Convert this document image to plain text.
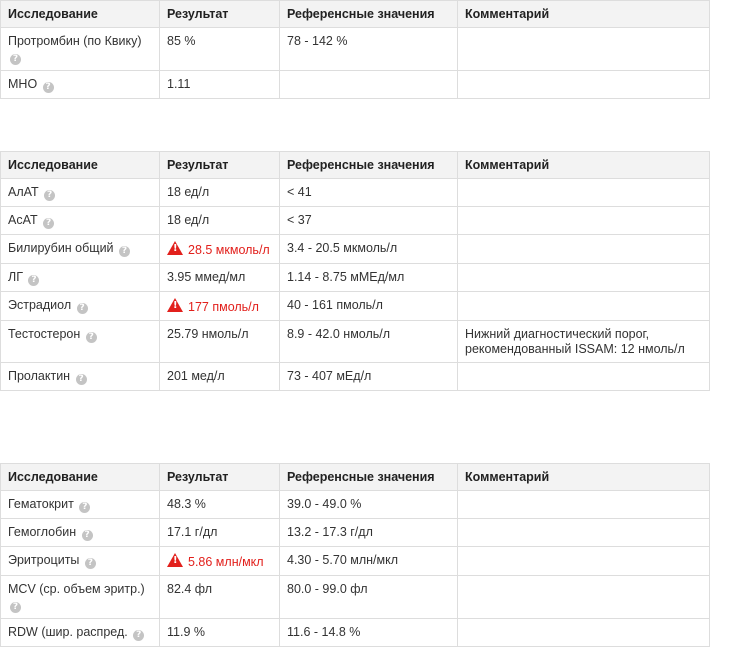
Исследование	Результат	Референсные значения	Комментарий
Протромбин (по Квику) ?	85 %	78 - 142 %	
МНО ?	1.11		
Исследование	Результат	Референсные значения	Комментарий
АлАТ ?	18 ед/л	< 41	
АсАТ ?	18 ед/л	< 37	
Билирубин общий ?	!28.5 мкмоль/л	3.4 - 20.5 мкмоль/л	
ЛГ ?	3.95 ммед/мл	1.14 - 8.75 мМЕд/мл	
Эстрадиол ?	!177 пмоль/л	40 - 161 пмоль/л	
Тестостерон ?	25.79 нмоль/л	8.9 - 42.0 нмоль/л	Нижний диагностический порог, рекомендованный ISSAM: 12 нмоль/л
Пролактин ?	201 мед/л	73 - 407 мЕд/л	
Исследование	Результат	Референсные значения	Комментарий
Гематокрит ?	48.3 %	39.0 - 49.0 %	
Гемоглобин ?	17.1 г/дл	13.2 - 17.3 г/дл	
Эритроциты ?	!5.86 млн/мкл	4.30 - 5.70 млн/мкл	
MCV (ср. объем эритр.) ?	82.4 фл	80.0 - 99.0 фл	
RDW (шир. распред. ?	11.9 %	11.6 - 14.8 %	
